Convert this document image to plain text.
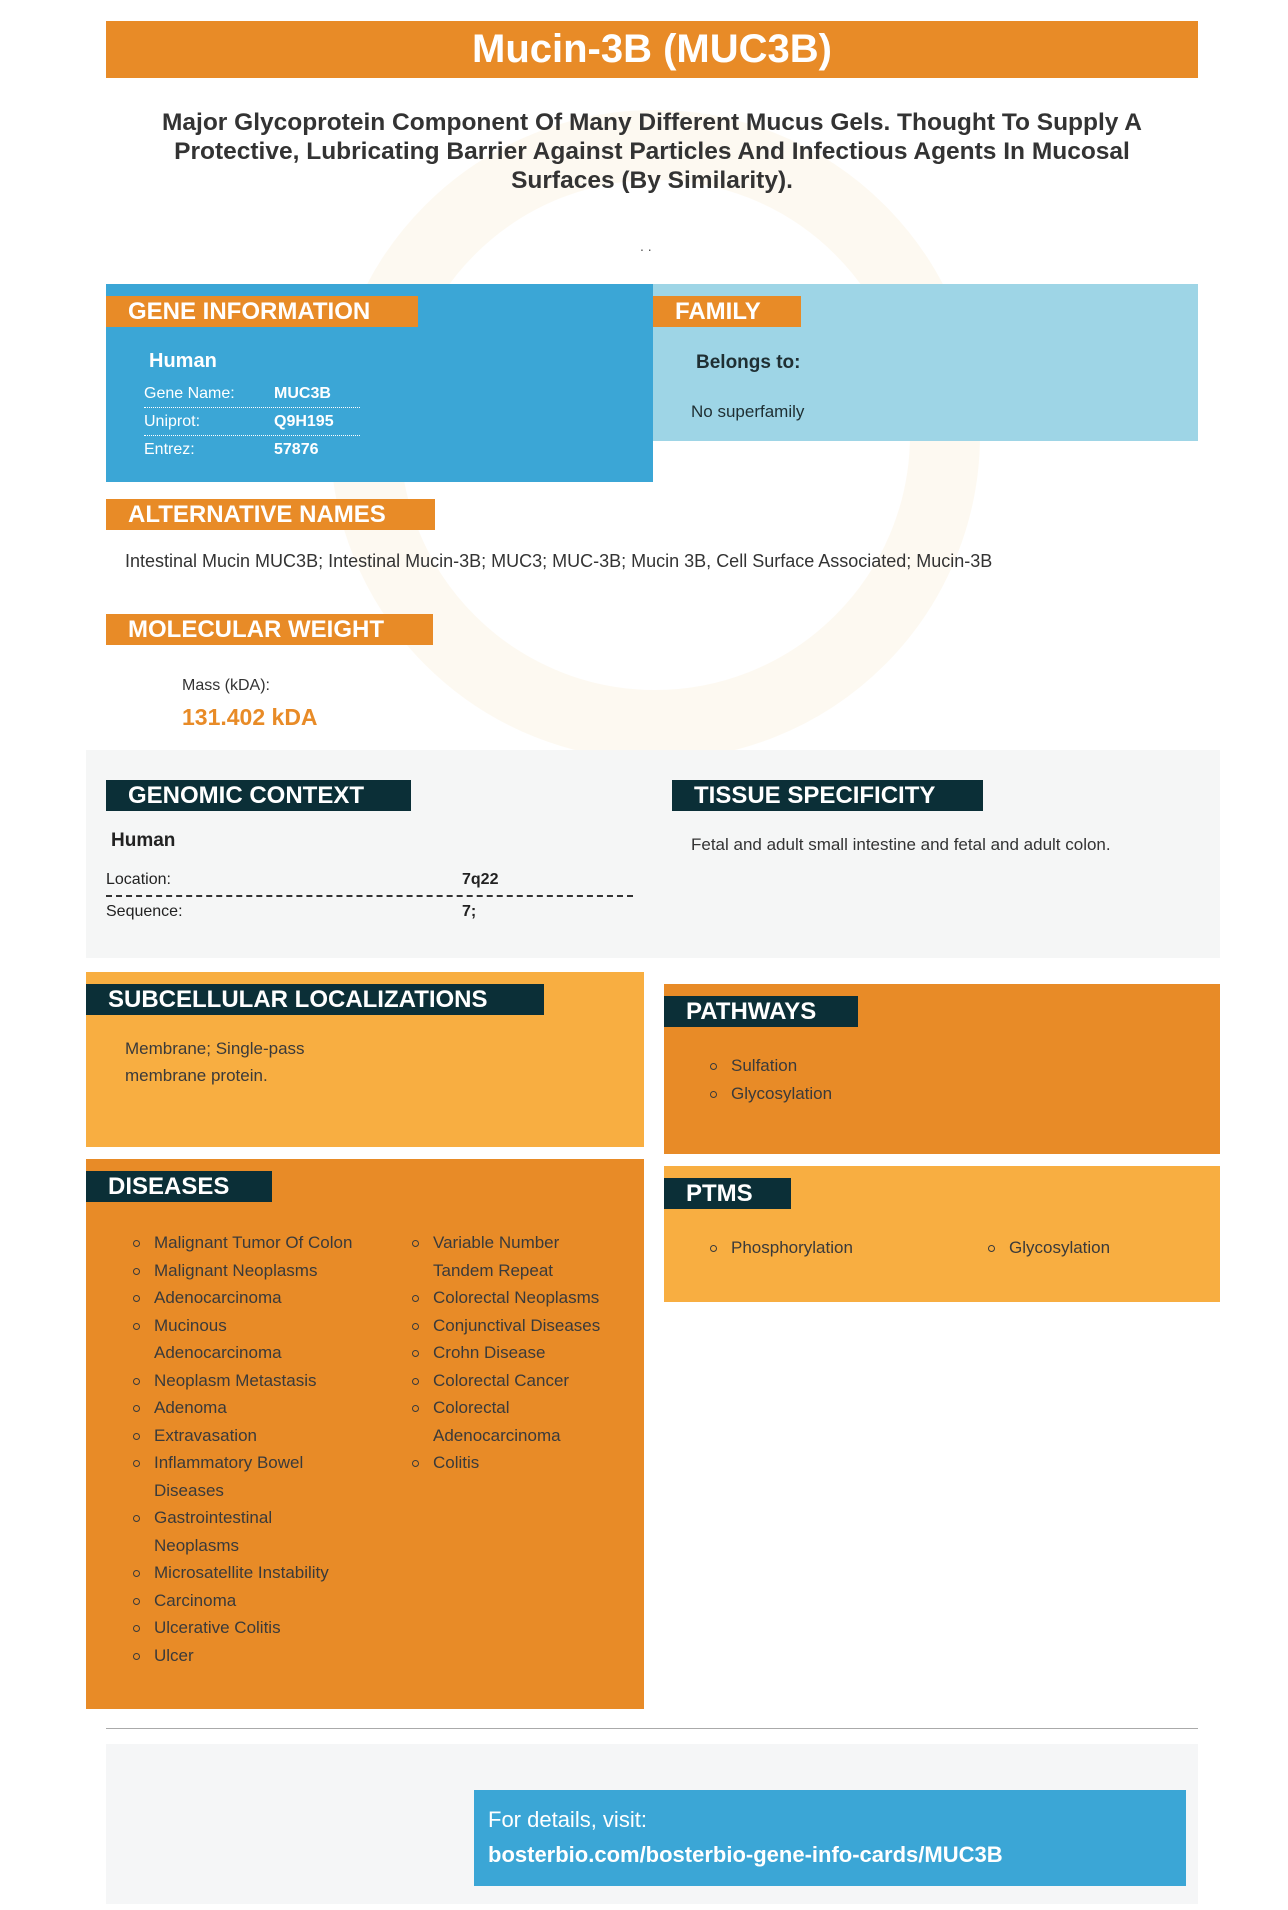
Mucin-3B (MUC3B)
Major Glycoprotein Component Of Many Different Mucus Gels. Thought To Supply A Protective, Lubricating Barrier Against Particles And Infectious Agents In Mucosal Surfaces (By Similarity).
. .
GENE INFORMATION
Human
Gene Name:	MUC3B
Uniprot:	Q9H195
Entrez:	57876
FAMILY
Belongs to:
No superfamily
ALTERNATIVE NAMES
Intestinal Mucin MUC3B; Intestinal Mucin-3B; MUC3; MUC-3B; Mucin 3B, Cell Surface Associated; Mucin-3B
MOLECULAR WEIGHT
Mass (kDA):
131.402 kDA
GENOMIC CONTEXT
Human
Location:	7q22
Sequence:	7;
TISSUE SPECIFICITY
Fetal and adult small intestine and fetal and adult colon.
SUBCELLULAR LOCALIZATIONS
Membrane; Single-pass
membrane protein.
PATHWAYS
Sulfation
Glycosylation
PTMS
Phosphorylation	Glycosylation
DISEASES
Malignant Tumor Of Colon
Malignant Neoplasms
Adenocarcinoma
Mucinous Adenocarcinoma
Neoplasm Metastasis
Adenoma
Extravasation
Inflammatory Bowel Diseases
Gastrointestinal Neoplasms
Microsatellite Instability
Carcinoma
Ulcerative Colitis
Ulcer
Variable Number Tandem Repeat
Colorectal Neoplasms
Conjunctival Diseases
Crohn Disease
Colorectal Cancer
Colorectal Adenocarcinoma
Colitis
For details, visit:
bosterbio.com/bosterbio-gene-info-cards/MUC3B
